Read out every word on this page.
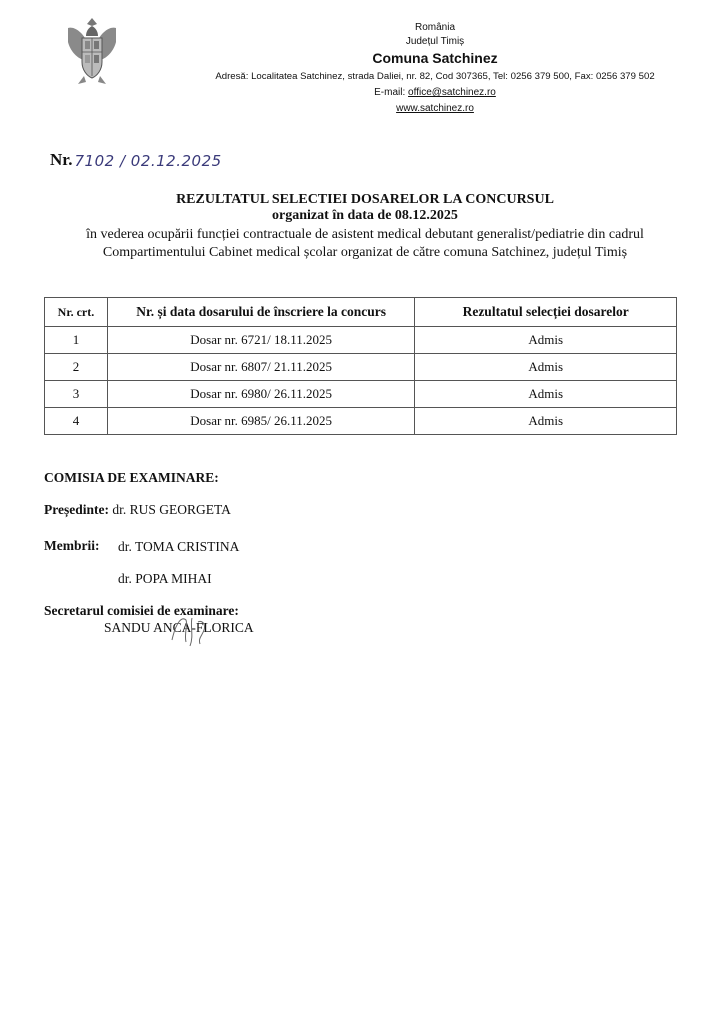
România
Județul Timiș
Comuna Satchinez
Adresă: Localitatea Satchinez, strada Daliei, nr. 82, Cod 307365, Tel: 0256 379 500, Fax: 0256 379 502
E-mail: office@satchinez.ro
www.satchinez.ro
Nr. 7102 / 02.12.2025
REZULTATUL SELECTIEI DOSARELOR LA CONCURSUL
organizat în data de 08.12.2025
în vederea ocupării funcției contractuale de asistent medical debutant generalist/pediatrie din cadrul
Compartimentului Cabinet medical școlar organizat de către comuna Satchinez, județul Timiș
Nr. crt.	Nr. și data dosarului de înscriere la concurs	Rezultatul selecției dosarelor
1	Dosar nr. 6721/ 18.11.2025	Admis
2	Dosar nr. 6807/ 21.11.2025	Admis
3	Dosar nr. 6980/ 26.11.2025	Admis
4	Dosar nr. 6985/ 26.11.2025	Admis
COMISIA DE EXAMINARE:
Președinte: dr. RUS GEORGETA
Membrii: dr. TOMA CRISTINA
dr. POPA MIHAI
Secretarul comisiei de examinare:
SANDU ANCA-FLORICA
